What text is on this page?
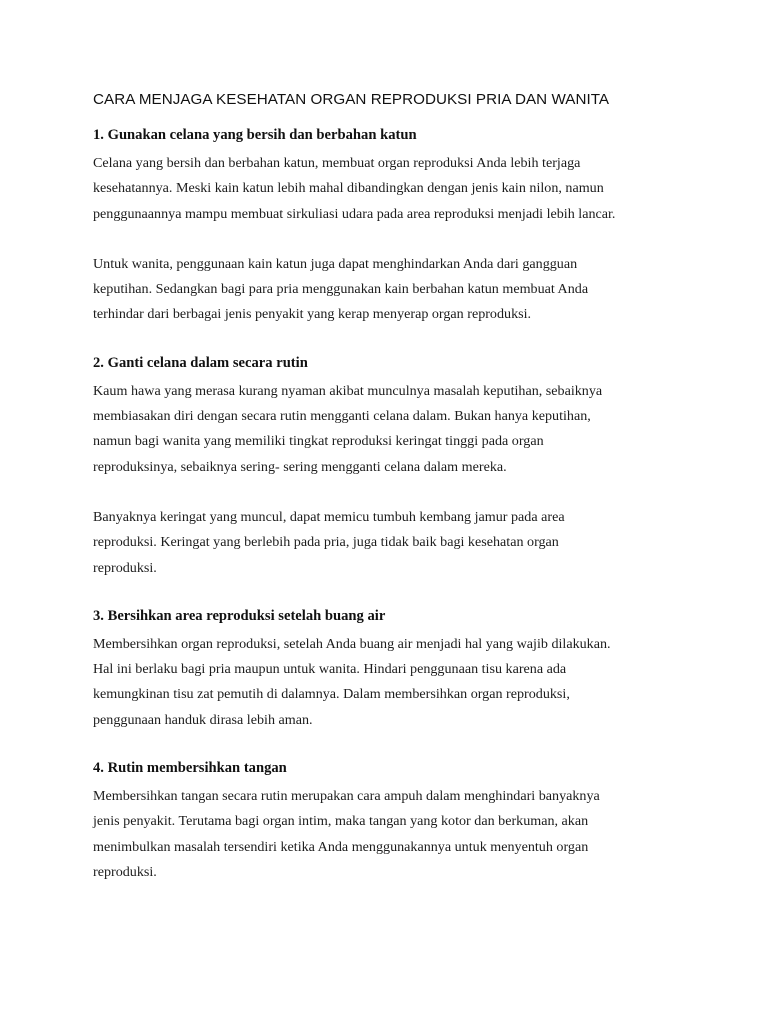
CARA MENJAGA KESEHATAN ORGAN REPRODUKSI PRIA DAN WANITA
1. Gunakan celana yang bersih dan berbahan katun

Celana yang bersih dan berbahan katun, membuat organ reproduksi Anda lebih terjaga
kesehatannya. Meski kain katun lebih mahal dibandingkan dengan jenis kain nilon, namun
penggunaannya mampu membuat sirkuliasi udara pada area reproduksi menjadi lebih lancar.

Untuk wanita, penggunaan kain katun juga dapat menghindarkan Anda dari gangguan
keputihan. Sedangkan bagi para pria menggunakan kain berbahan katun membuat Anda
terhindar dari berbagai jenis penyakit yang kerap menyerap organ reproduksi.

2. Ganti celana dalam secara rutin

Kaum hawa yang merasa kurang nyaman akibat munculnya masalah keputihan, sebaiknya
membiasakan diri dengan secara rutin mengganti celana dalam. Bukan hanya keputihan,
namun bagi wanita yang memiliki tingkat reproduksi keringat tinggi pada organ
reproduksinya, sebaiknya sering- sering mengganti celana dalam mereka.

Banyaknya keringat yang muncul, dapat memicu tumbuh kembang jamur pada area
reproduksi. Keringat yang berlebih pada pria, juga tidak baik bagi kesehatan organ
reproduksi.

3. Bersihkan area reproduksi setelah buang air

Membersihkan organ reproduksi, setelah Anda buang air menjadi hal yang wajib dilakukan.
Hal ini berlaku bagi pria maupun untuk wanita. Hindari penggunaan tisu karena ada
kemungkinan tisu zat pemutih di dalamnya. Dalam membersihkan organ reproduksi,
penggunaan handuk dirasa lebih aman.

4. Rutin membersihkan tangan

Membersihkan tangan secara rutin merupakan cara ampuh dalam menghindari banyaknya
jenis penyakit. Terutama bagi organ intim, maka tangan yang kotor dan berkuman, akan
menimbulkan masalah tersendiri ketika Anda menggunakannya untuk menyentuh organ
reproduksi.
